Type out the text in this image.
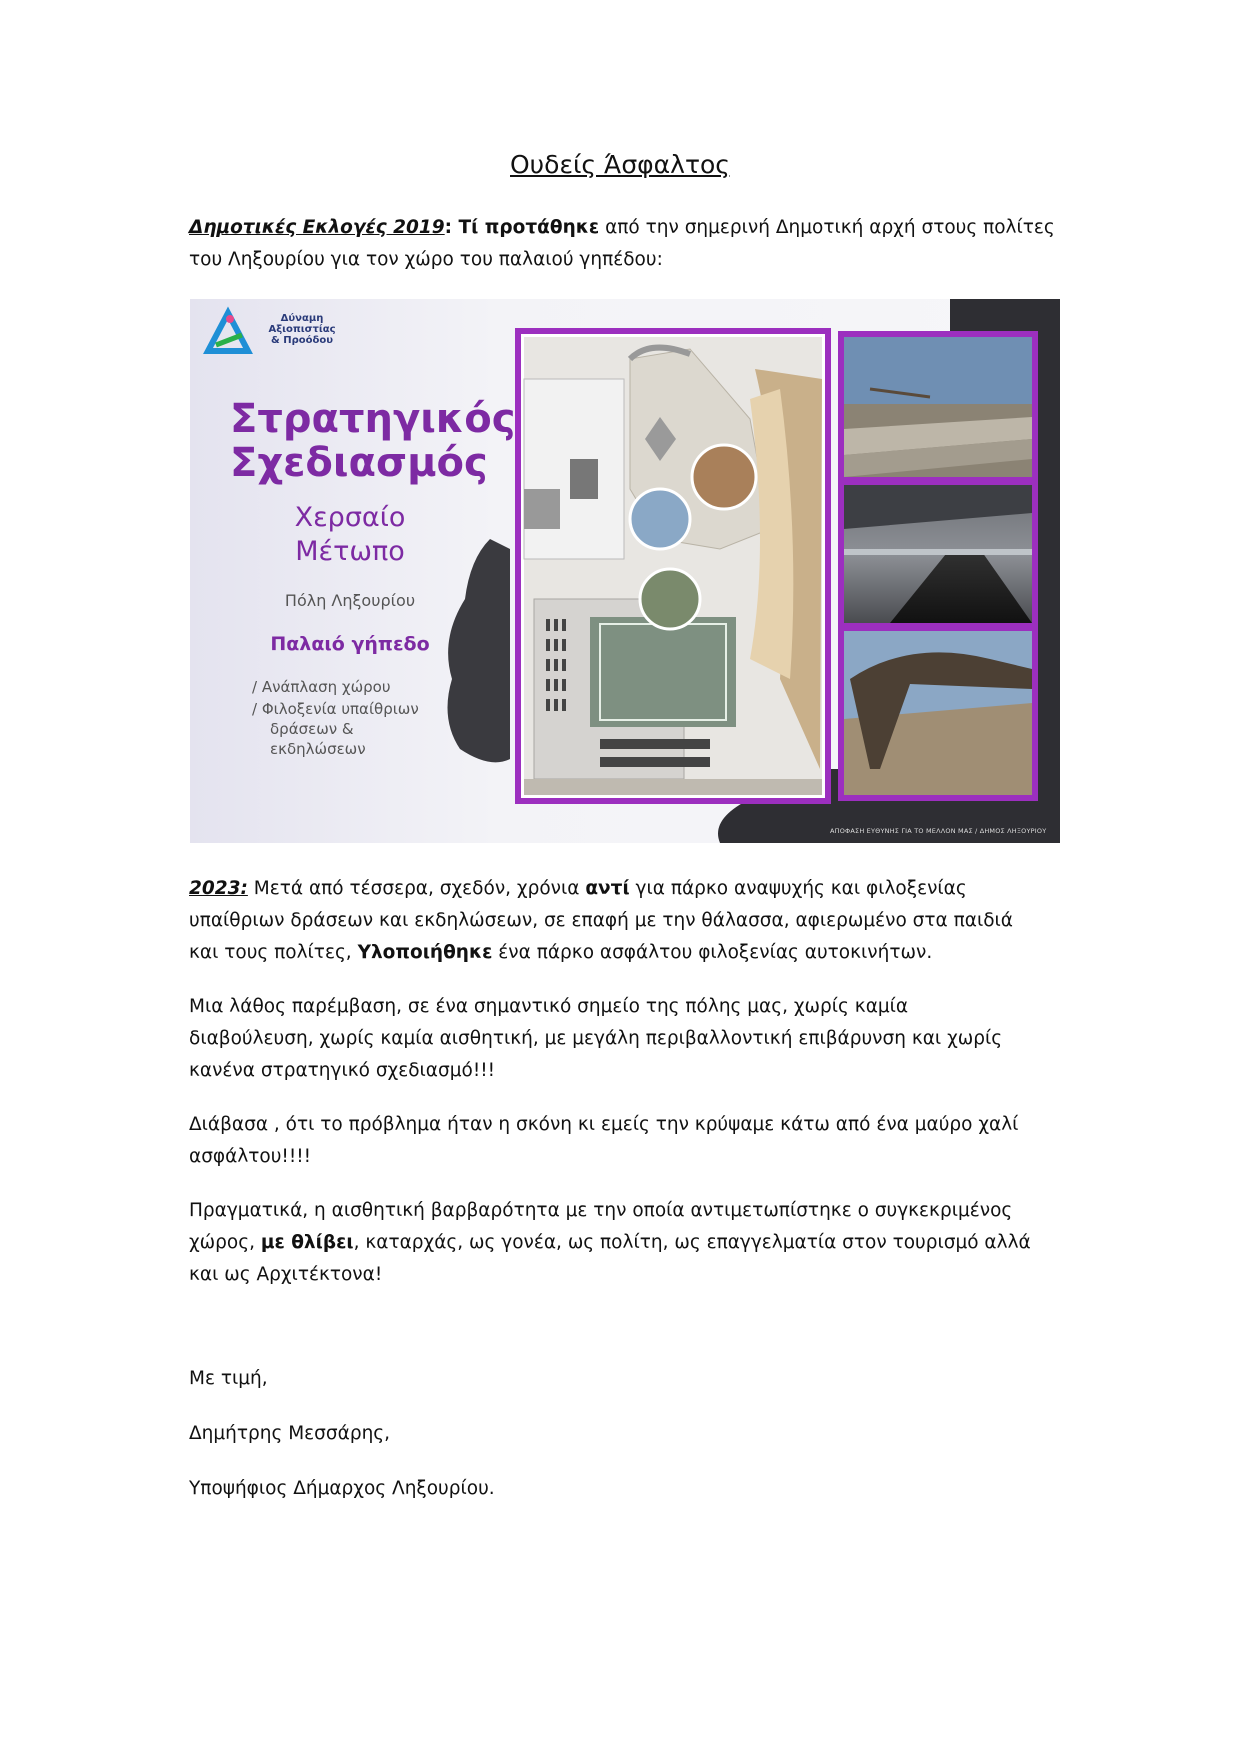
Ουδείς Άσφαλτος

Δημοτικές Εκλογές 2019: Τί προτάθηκε από την σημερινή Δημοτική αρχή στους πολίτες
του Ληξουρίου για τον χώρο του παλαιού γηπέδου:

Δύναμη Αξιοπιστίας
& Προόδου
Στρατηγικός
Σχεδιασμός
Χερσαίο
Μέτωπο
Πόλη Ληξουρίου
Παλαιό γήπεδο
/ Ανάπλαση χώρου
/ Φιλοξενία υπαίθριων
δράσεων &
εκδηλώσεων
ΑΠΟΦΑΣΗ ΕΥΘΥΝΗΣ ΓΙΑ ΤΟ ΜΕΛΛΟΝ ΜΑΣ / ΔΗΜΟΣ ΛΗΞΟΥΡΙΟΥ

2023: Μετά από τέσσερα, σχεδόν, χρόνια αντί για πάρκο αναψυχής και φιλοξενίας
υπαίθριων δράσεων και εκδηλώσεων, σε επαφή με την θάλασσα, αφιερωμένο στα παιδιά
και τους πολίτες, Υλοποιήθηκε ένα πάρκο ασφάλτου φιλοξενίας αυτοκινήτων.

Μια λάθος παρέμβαση, σε ένα σημαντικό σημείο της πόλης μας, χωρίς καμία
διαβούλευση, χωρίς καμία αισθητική, με μεγάλη περιβαλλοντική επιβάρυνση και χωρίς
κανένα στρατηγικό σχεδιασμό!!!

Διάβασα , ότι το πρόβλημα ήταν η σκόνη κι εμείς την κρύψαμε κάτω από ένα μαύρο χαλί
ασφάλτου!!!!

Πραγματικά, η αισθητική βαρβαρότητα με την οποία αντιμετωπίστηκε ο συγκεκριμένος
χώρος, με θλίβει, καταρχάς, ως γονέα, ως πολίτη, ως επαγγελματία στον τουρισμό αλλά
και ως Αρχιτέκτονα!

Με τιμή,

Δημήτρης Μεσσάρης,

Υποψήφιος Δήμαρχος Ληξουρίου.
